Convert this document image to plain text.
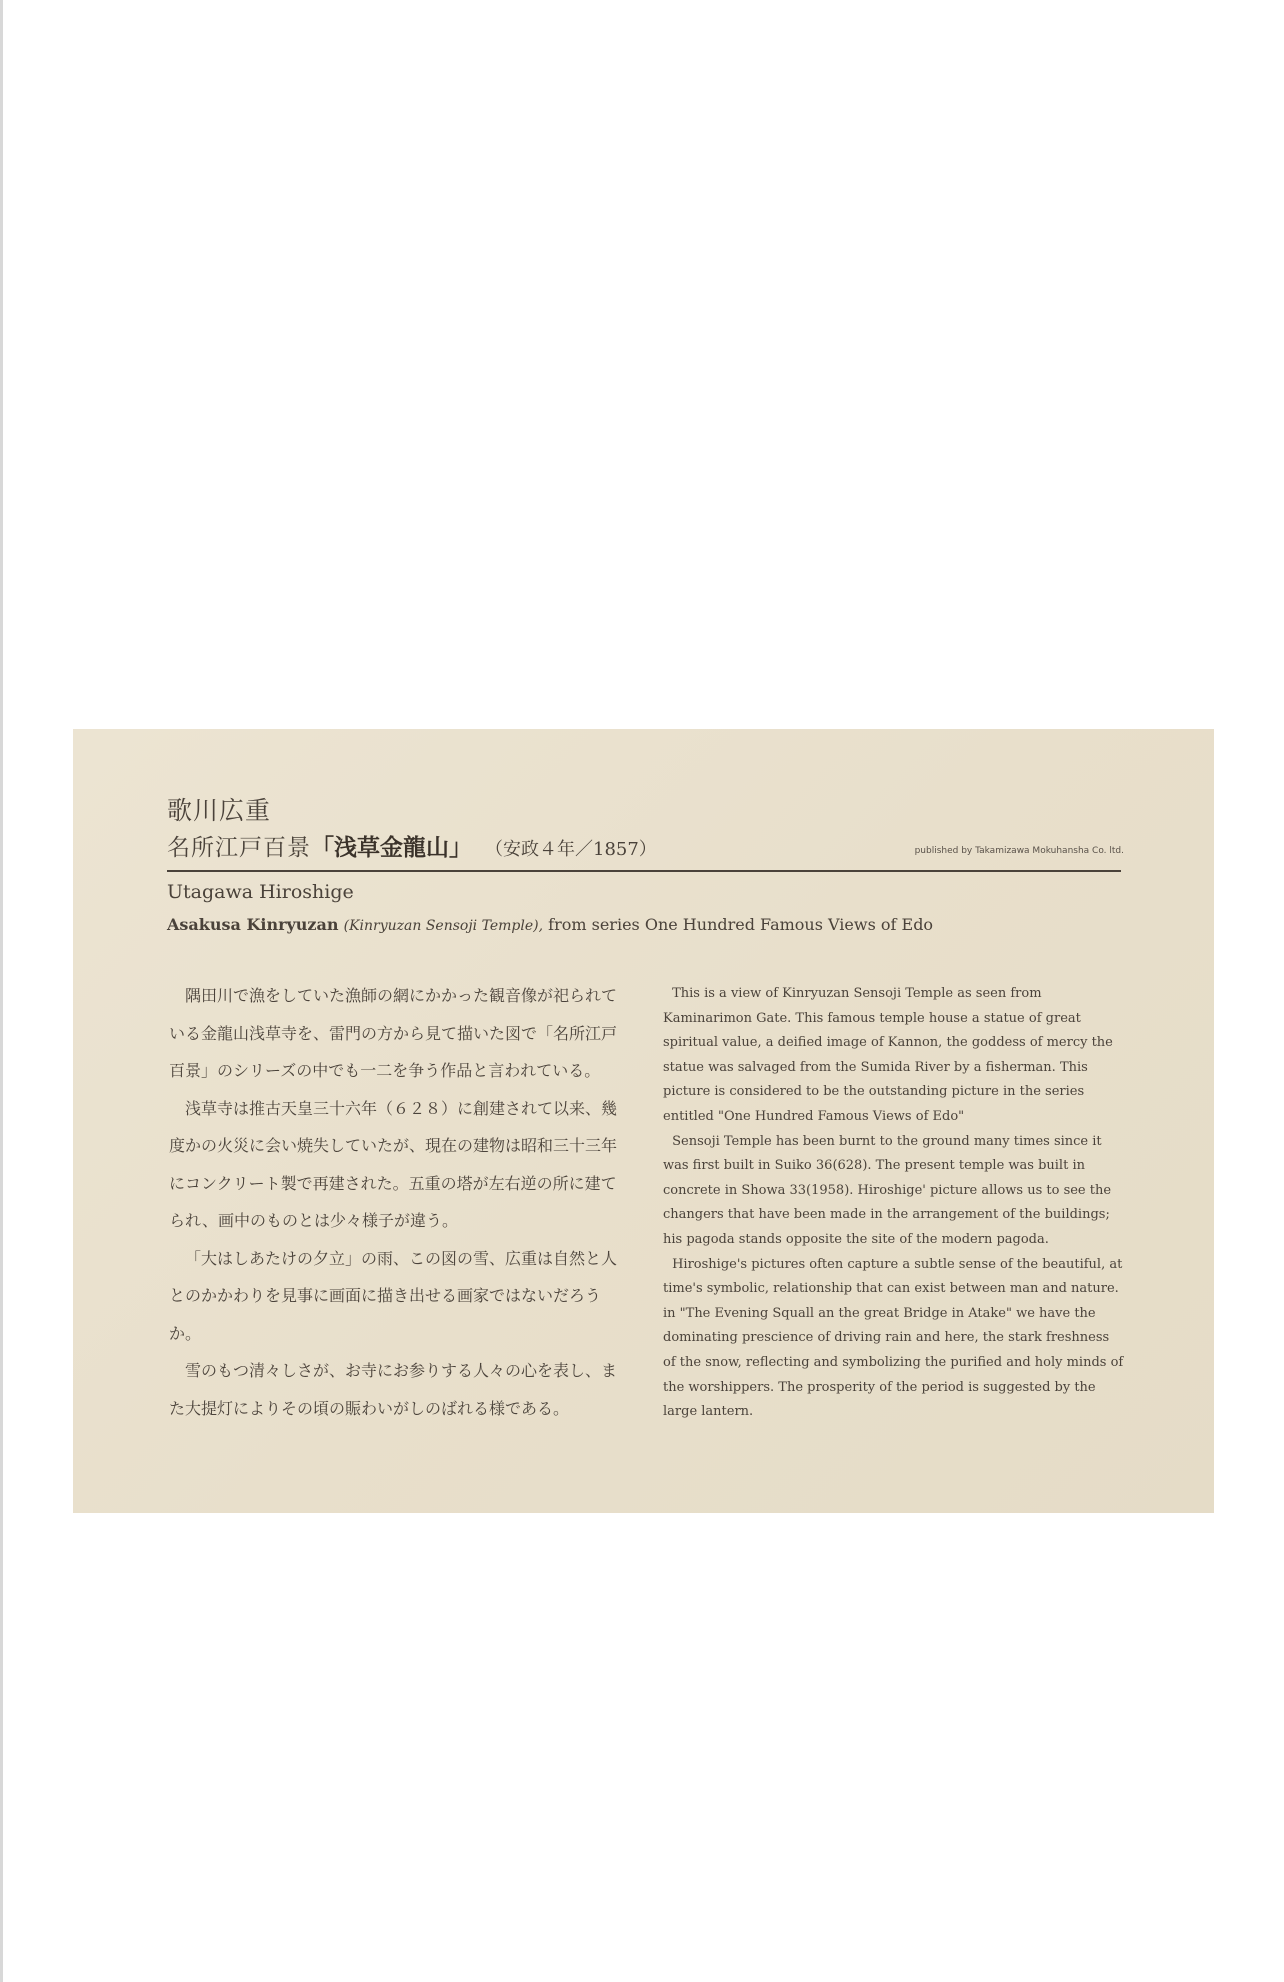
歌川広重
名所江戸百景「浅草金龍山」 （安政４年／1857）	published by Takamizawa Mokuhansha Co. ltd.
Utagawa Hiroshige
Asakusa Kinryuzan (Kinryuzan Sensoji Temple), from series One Hundred Famous Views of Edo

隅田川で漁をしていた漁師の網にかかった観音像が祀られている金龍山浅草寺を、雷門の方から見て描いた図で「名所江戸百景」のシリーズの中でも一二を争う作品と言われている。

浅草寺は推古天皇三十六年（６２８）に創建されて以来、幾度かの火災に会い焼失していたが、現在の建物は昭和三十三年にコンクリート製で再建された。五重の塔が左右逆の所に建てられ、画中のものとは少々様子が違う。

「大はしあたけの夕立」の雨、この図の雪、広重は自然と人とのかかわりを見事に画面に描き出せる画家ではないだろうか。

雪のもつ清々しさが、お寺にお参りする人々の心を表し、また大提灯によりその頃の賑わいがしのばれる様である。

This is a view of Kinryuzan Sensoji Temple as seen from Kaminarimon Gate. This famous temple house a statue of great spiritual value, a deified image of Kannon, the goddess of mercy the statue was salvaged from the Sumida River by a fisherman. This picture is considered to be the outstanding picture in the series entitled "One Hundred Famous Views of Edo"

Sensoji Temple has been burnt to the ground many times since it was first built in Suiko 36(628). The present temple was built in concrete in Showa 33(1958). Hiroshige' picture allows us to see the changers that have been made in the arrangement of the buildings; his pagoda stands opposite the site of the modern pagoda.

Hiroshige's pictures often capture a subtle sense of the beautiful, at time's symbolic, relationship that can exist between man and nature. in "The Evening Squall an the great Bridge in Atake" we have the dominating prescience of driving rain and here, the stark freshness of the snow, reflecting and symbolizing the purified and holy minds of the worshippers. The prosperity of the period is suggested by the large lantern.
